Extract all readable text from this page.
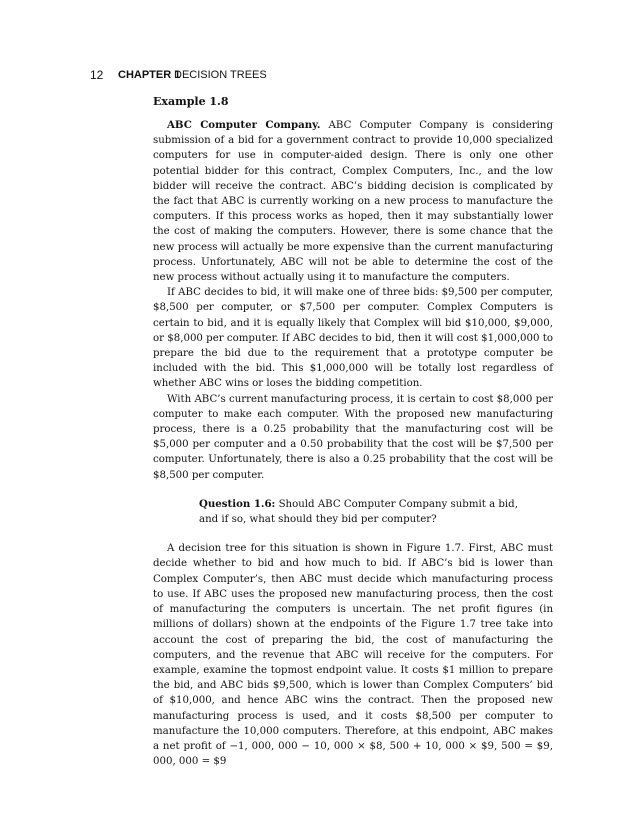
12 CHAPTER 1
DECISION TREES
Example 1.8

ABC Computer Company. ABC Computer Company is considering submission of a bid for a government contract to provide 10,000 specialized computers for use in computer-aided design. There is only one other potential bidder for this contract, Complex Computers, Inc., and the low bidder will receive the contract. ABC’s bidding decision is complicated by the fact that ABC is currently working on a new process to manufacture the computers. If this process works as hoped, then it may substantially lower the cost of making the computers. However, there is some chance that the new process will actually be more expensive than the current manufacturing process. Unfortunately, ABC will not be able to determine the cost of the new process without actually using it to manufacture the computers.

If ABC decides to bid, it will make one of three bids: $9,500 per computer, $8,500 per computer, or $7,500 per computer. Complex Computers is certain to bid, and it is equally likely that Complex will bid $10,000, $9,000, or $8,000 per computer. If ABC decides to bid, then it will cost $1,000,000 to prepare the bid due to the requirement that a prototype computer be included with the bid. This $1,000,000 will be totally lost regardless of whether ABC wins or loses the bidding competition.

With ABC’s current manufacturing process, it is certain to cost $8,000 per computer to make each computer. With the proposed new manufacturing process, there is a 0.25 probability that the manufacturing cost will be $5,000 per computer and a 0.50 probability that the cost will be $7,500 per computer. Unfortunately, there is also a 0.25 probability that the cost will be $8,500 per computer.

Question 1.6: Should ABC Computer Company submit a bid, and if so, what should they bid per computer?

A decision tree for this situation is shown in Figure 1.7. First, ABC must decide whether to bid and how much to bid. If ABC’s bid is lower than Complex Computer’s, then ABC must decide which manufacturing process to use. If ABC uses the proposed new manufacturing process, then the cost of manufacturing the computers is uncertain. The net profit figures (in millions of dollars) shown at the endpoints of the Figure 1.7 tree take into account the cost of preparing the bid, the cost of manufacturing the computers, and the revenue that ABC will receive for the computers. For example, examine the topmost endpoint value. It costs $1 million to prepare the bid, and ABC bids $9,500, which is lower than Complex Computers’ bid of $10,000, and hence ABC wins the contract. Then the proposed new manufacturing process is used, and it costs $8,500 per computer to manufacture the 10,000 computers. Therefore, at this endpoint, ABC makes a net profit of −1, 000, 000 − 10, 000 × $8, 500 + 10, 000 × $9, 500 = $9, 000, 000 = $9
